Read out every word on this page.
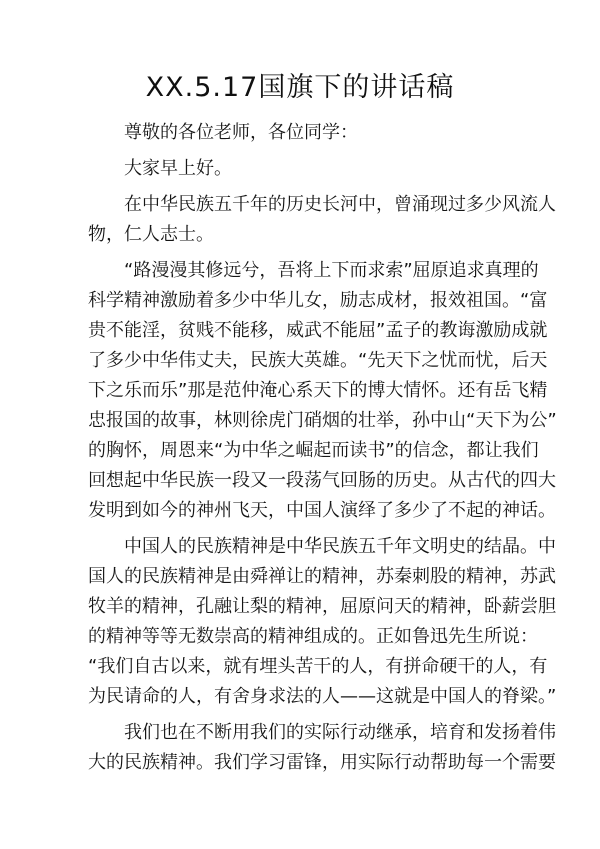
XX.5.17国旗下的讲话稿
尊敬的各位老师，各位同学：
大家早上好。
在中华民族五千年的历史长河中，曾涌现过多少风流人
物，仁人志士。
“路漫漫其修远兮，吾将上下而求索”屈原追求真理的
科学精神激励着多少中华儿女，励志成材，报效祖国。“富
贵不能淫，贫贱不能移，威武不能屈”孟子的教诲激励成就
了多少中华伟丈夫，民族大英雄。“先天下之忧而忧，后天
下之乐而乐”那是范仲淹心系天下的博大情怀。还有岳飞精
忠报国的故事，林则徐虎门硝烟的壮举，孙中山“天下为公”
的胸怀，周恩来“为中华之崛起而读书”的信念，都让我们
回想起中华民族一段又一段荡气回肠的历史。从古代的四大
发明到如今的神州飞天，中国人演绎了多少了不起的神话。
中国人的民族精神是中华民族五千年文明史的结晶。中
国人的民族精神是由舜禅让的精神，苏秦刺股的精神，苏武
牧羊的精神，孔融让梨的精神，屈原问天的精神，卧薪尝胆
的精神等等无数崇高的精神组成的。正如鲁迅先生所说：
“我们自古以来，就有埋头苦干的人，有拼命硬干的人，有
为民请命的人，有舍身求法的人——这就是中国人的脊梁。”
我们也在不断用我们的实际行动继承，培育和发扬着伟
大的民族精神。我们学习雷锋，用实际行动帮助每一个需要
